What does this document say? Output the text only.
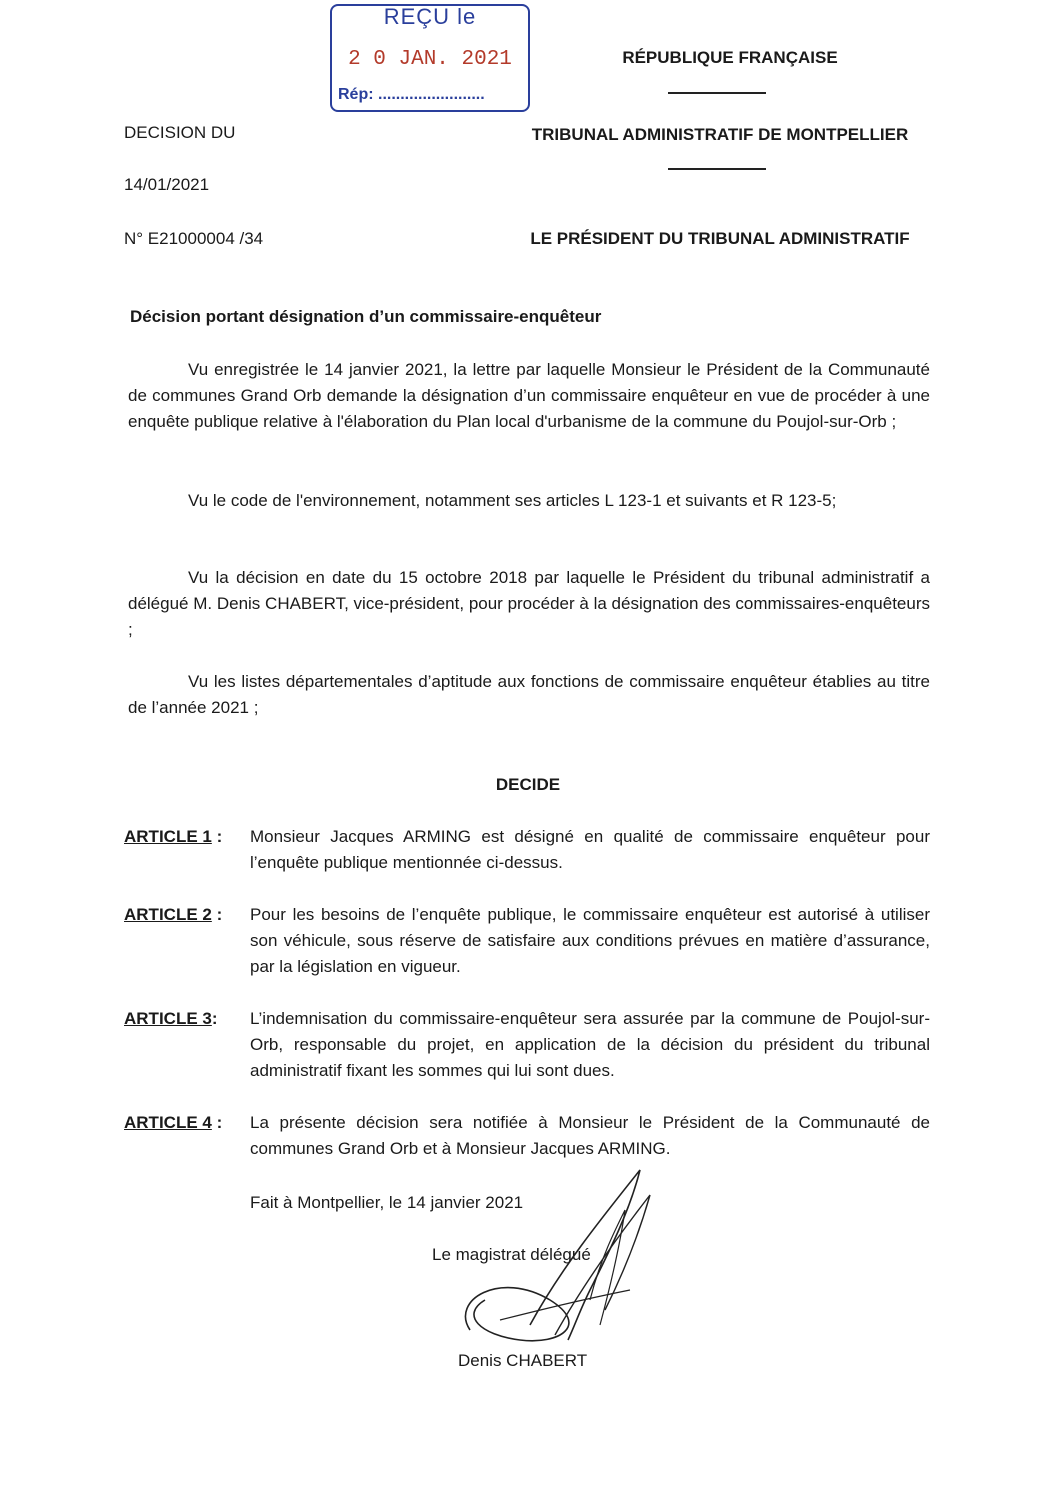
REÇU le
2 0 JAN. 2021
Rép: ........................
RÉPUBLIQUE FRANÇAISE
TRIBUNAL ADMINISTRATIF DE MONTPELLIER
LE PRÉSIDENT DU TRIBUNAL ADMINISTRATIF
DECISION DU
14/01/2021
N° E21000004 /34
Décision portant désignation d’un commissaire-enquêteur
Vu enregistrée le 14 janvier 2021, la lettre par laquelle Monsieur le Président de la Communauté de communes Grand Orb demande la désignation d’un commissaire enquêteur en vue de procéder à une enquête publique relative à l'élaboration du Plan local d'urbanisme de la commune du Poujol-sur-Orb ;
Vu le code de l'environnement, notamment ses articles L 123-1 et suivants et R 123-5;
Vu la décision en date du 15 octobre 2018 par laquelle le Président du tribunal administratif a délégué M. Denis CHABERT, vice-président, pour procéder à la désignation des commissaires-enquêteurs ;
Vu les listes départementales d’aptitude aux fonctions de commissaire enquêteur établies au titre de l’année 2021 ;
DECIDE
ARTICLE 1 : Monsieur Jacques ARMING est désigné en qualité de commissaire enquêteur pour l’enquête publique mentionnée ci-dessus.
ARTICLE 2 : Pour les besoins de l’enquête publique, le commissaire enquêteur est autorisé à utiliser son véhicule, sous réserve de satisfaire aux conditions prévues en matière d’assurance, par la législation en vigueur.
ARTICLE 3: L’indemnisation du commissaire-enquêteur sera assurée par la commune de Poujol-sur-Orb, responsable du projet, en application de la décision du président du tribunal administratif fixant les sommes qui lui sont dues.
ARTICLE 4 : La présente décision sera notifiée à Monsieur le Président de la Communauté de communes Grand Orb et à Monsieur Jacques ARMING.
Fait à Montpellier, le 14 janvier 2021
Le magistrat délégué
Denis CHABERT
